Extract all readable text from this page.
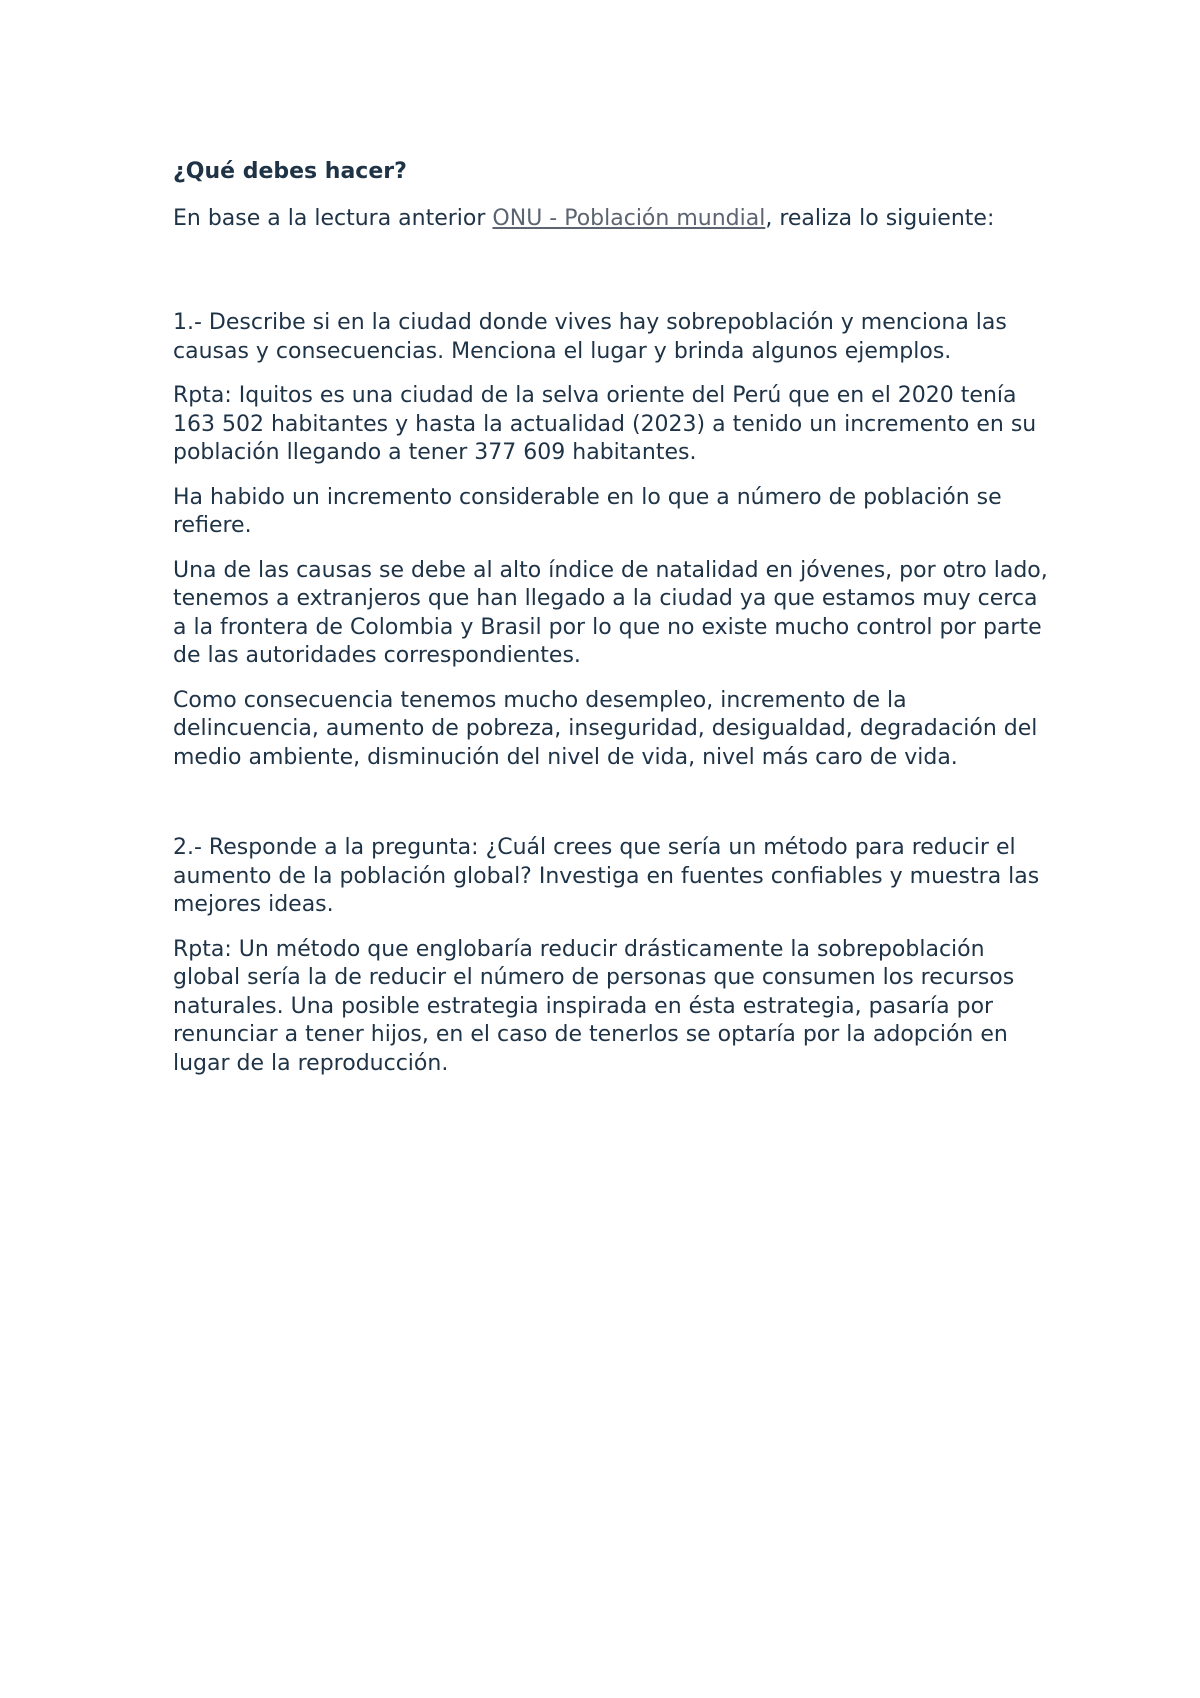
¿Qué debes hacer?

En base a la lectura anterior ONU - Población mundial, realiza lo siguiente:

1.- Describe si en la ciudad donde vives hay sobrepoblación y menciona las causas y consecuencias. Menciona el lugar y brinda algunos ejemplos.

Rpta: Iquitos es una ciudad de la selva oriente del Perú que en el 2020 tenía 163 502 habitantes y hasta la actualidad (2023) a tenido un incremento en su población llegando a tener 377 609 habitantes.

Ha habido un incremento considerable en lo que a número de población se refiere.

Una de las causas se debe al alto índice de natalidad en jóvenes, por otro lado, tenemos a extranjeros que han llegado a la ciudad ya que estamos muy cerca a la frontera de Colombia y Brasil por lo que no existe mucho control por parte de las autoridades correspondientes.

Como consecuencia tenemos mucho desempleo, incremento de la delincuencia, aumento de pobreza, inseguridad, desigualdad, degradación del medio ambiente, disminución del nivel de vida, nivel más caro de vida.

2.- Responde a la pregunta: ¿Cuál crees que sería un método para reducir el aumento de la población global? Investiga en fuentes confiables y muestra las mejores ideas.

Rpta: Un método que englobaría reducir drásticamente la sobrepoblación global sería la de reducir el número de personas que consumen los recursos naturales. Una posible estrategia inspirada en ésta estrategia, pasaría por renunciar a tener hijos, en el caso de tenerlos se optaría por la adopción en lugar de la reproducción.
